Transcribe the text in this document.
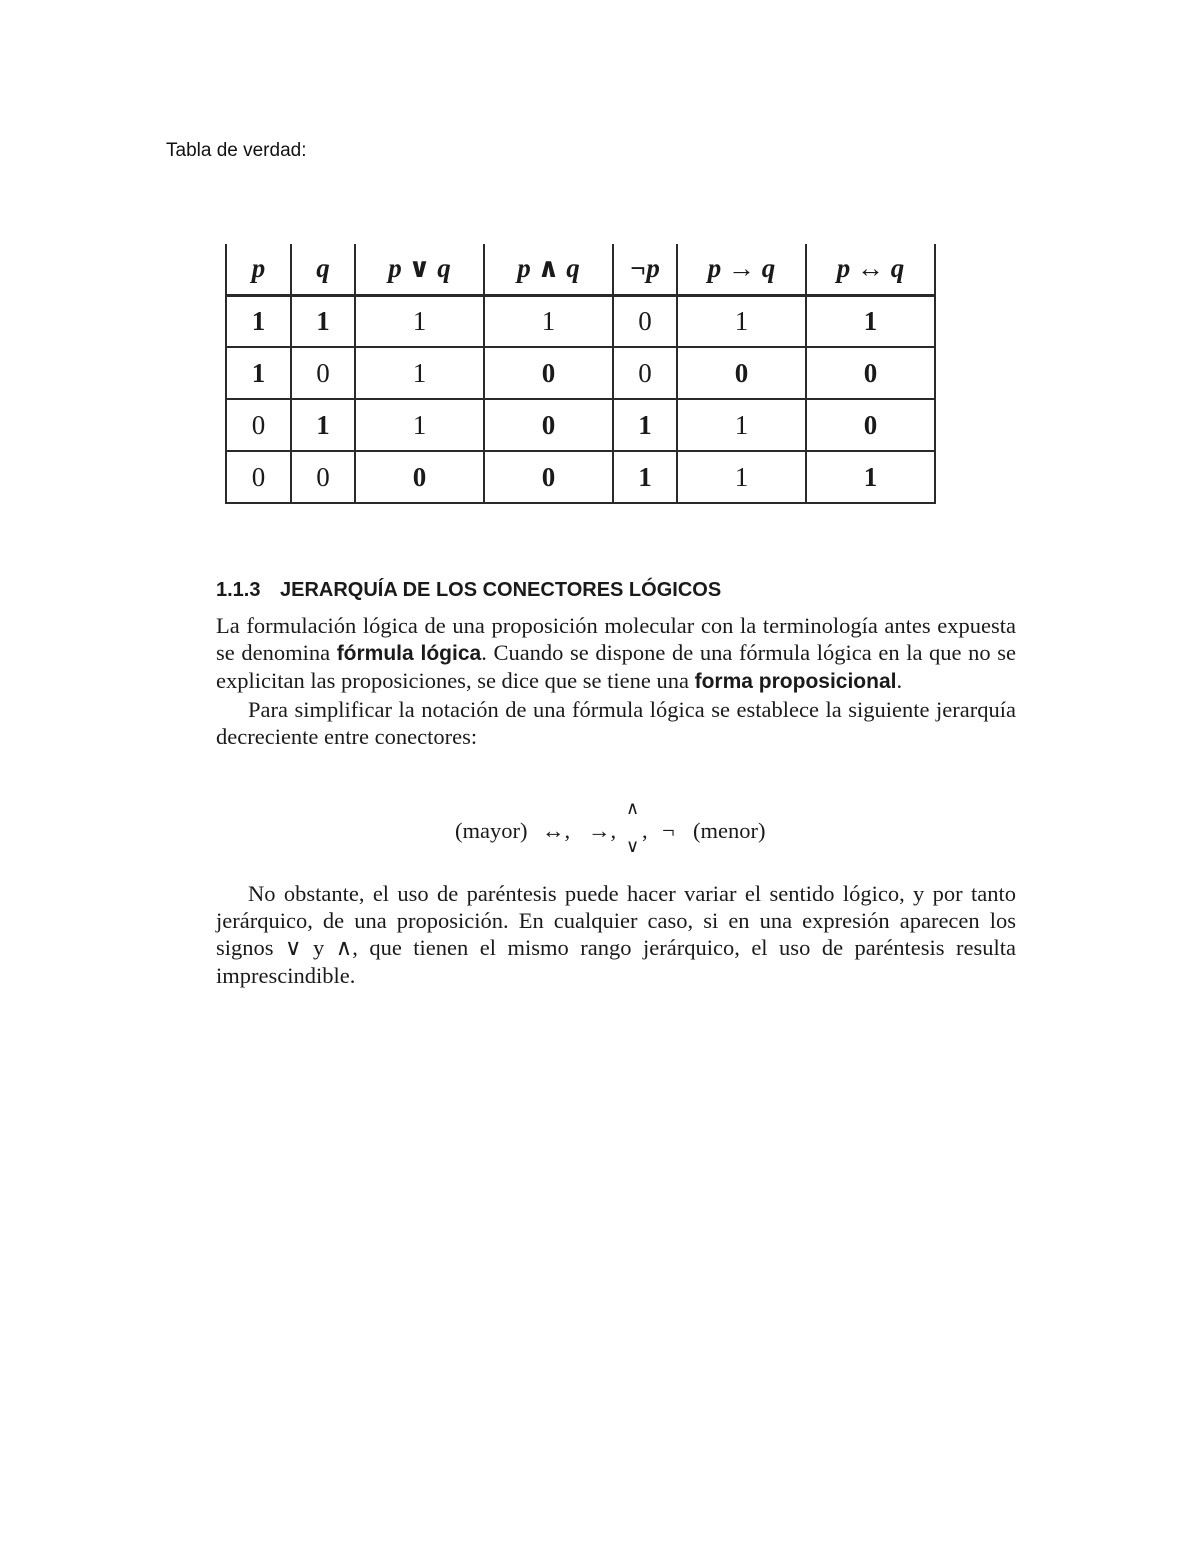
Tabla de verdad:
p	q	p ∨ q	p ∧ q	¬p	p → q	p ↔ q
1	1	1	1	0	1	1
1	0	1	0	0	0	0
0	1	1	0	1	1	0
0	0	0	0	1	1	1
1.1.3 JERARQUÍA DE LOS CONECTORES LÓGICOS

La formulación lógica de una proposición molecular con la terminología antes expuesta se denomina fórmula lógica. Cuando se dispone de una fórmula lógica en la que no se explicitan las proposiciones, se dice que se tiene una forma proposicional.

Para simplificar la notación de una fórmula lógica se establece la siguiente jerarquía decreciente entre conectores:

(mayor) ↔, →,
∧
,
∨
¬ (menor)

No obstante, el uso de paréntesis puede hacer variar el sentido lógico, y por tanto jerárquico, de una proposición. En cualquier caso, si en una expresión aparecen los signos ∨ y ∧, que tienen el mismo rango jerárquico, el uso de paréntesis resulta imprescindible.
